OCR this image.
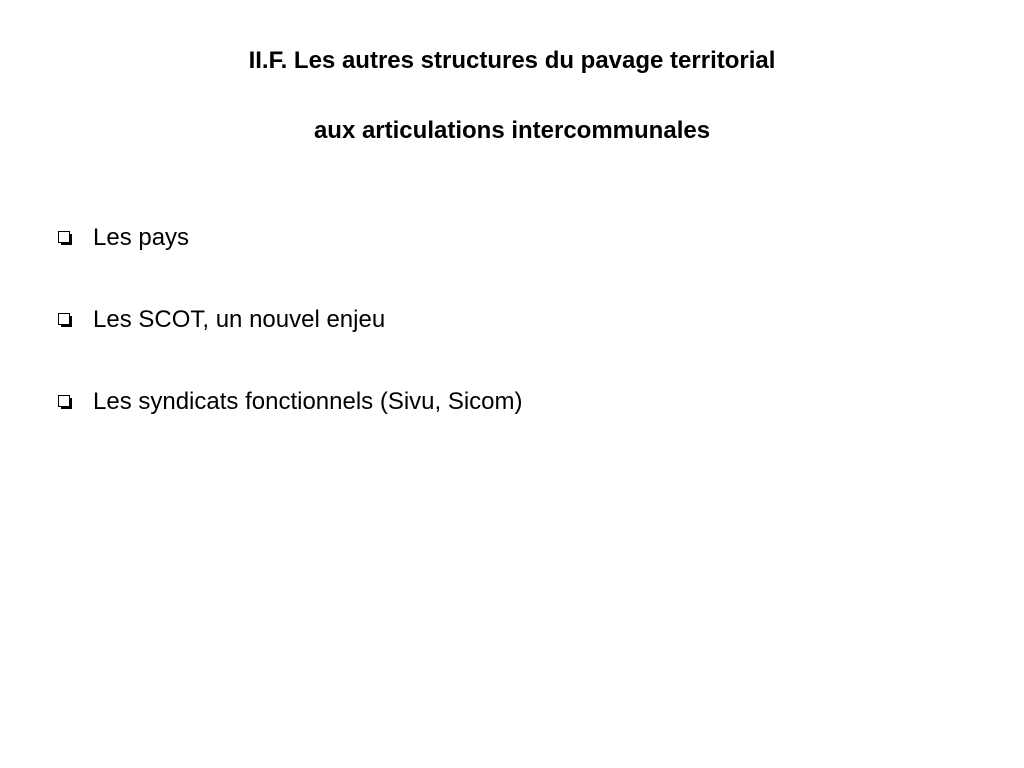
II.F. Les autres structures du pavage territorial
aux articulations intercommunales
Les pays
Les SCOT, un nouvel enjeu
Les syndicats fonctionnels (Sivu, Sicom)
